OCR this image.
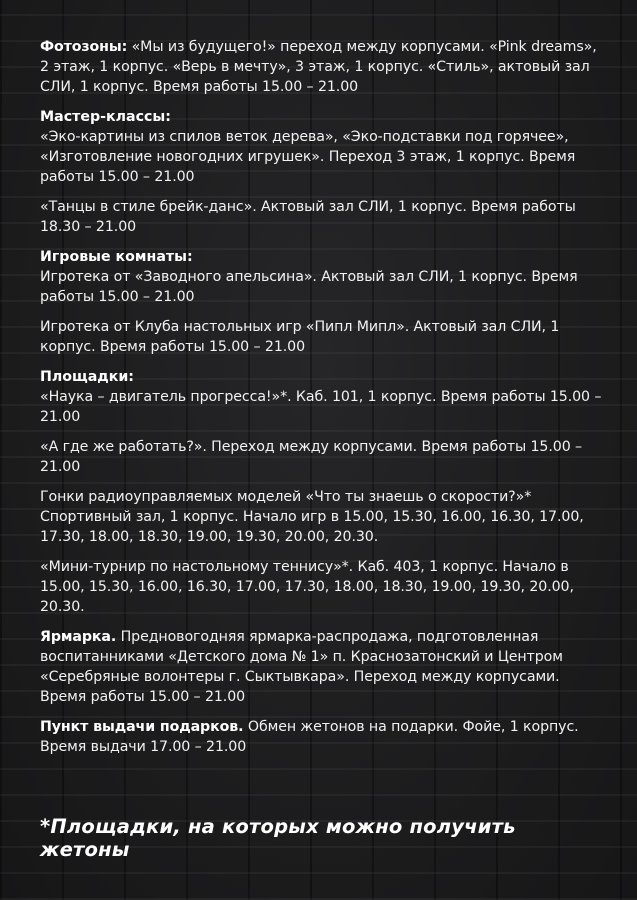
Фотозоны: «Мы из будущего!» переход между корпусами. «Pink dreams», 2 этаж, 1 корпус. «Верь в мечту», 3 этаж, 1 корпус. «Стиль», актовый зал СЛИ, 1 корпус. Время работы 15.00 – 21.00

Мастер-классы:

«Эко-картины из спилов веток дерева», «Эко-подставки под горячее», «Изготовление новогодних игрушек». Переход 3 этаж, 1 корпус. Время работы 15.00 – 21.00

«Танцы в стиле брейк-данс». Актовый зал СЛИ, 1 корпус. Время работы 18.30 – 21.00

Игровые комнаты:

Игротека от «Заводного апельсина». Актовый зал СЛИ, 1 корпус. Время работы 15.00 – 21.00

Игротека от Клуба настольных игр «Пипл Мипл». Актовый зал СЛИ, 1 корпус. Время работы 15.00 – 21.00

Площадки:

«Наука – двигатель прогресса!»*. Каб. 101, 1 корпус. Время работы 15.00 – 21.00

«А где же работать?». Переход между корпусами. Время работы 15.00 – 21.00

Гонки радиоуправляемых моделей «Что ты знаешь о скорости?»* Спортивный зал, 1 корпус. Начало игр в 15.00, 15.30, 16.00, 16.30, 17.00, 17.30, 18.00, 18.30, 19.00, 19.30, 20.00, 20.30.

«Мини-турнир по настольному теннису»*. Каб. 403, 1 корпус. Начало в 15.00, 15.30, 16.00, 16.30, 17.00, 17.30, 18.00, 18.30, 19.00, 19.30, 20.00, 20.30.

Ярмарка. Предновогодняя ярмарка-распродажа, подготовленная воспитанниками «Детского дома № 1» п. Краснозатонский и Центром «Серебряные волонтеры г. Сыктывкара». Переход между корпусами. Время работы 15.00 – 21.00

Пункт выдачи подарков. Обмен жетонов на подарки. Фойе, 1 корпус. Время выдачи 17.00 – 21.00

*Площадки, на которых можно получить жетоны
